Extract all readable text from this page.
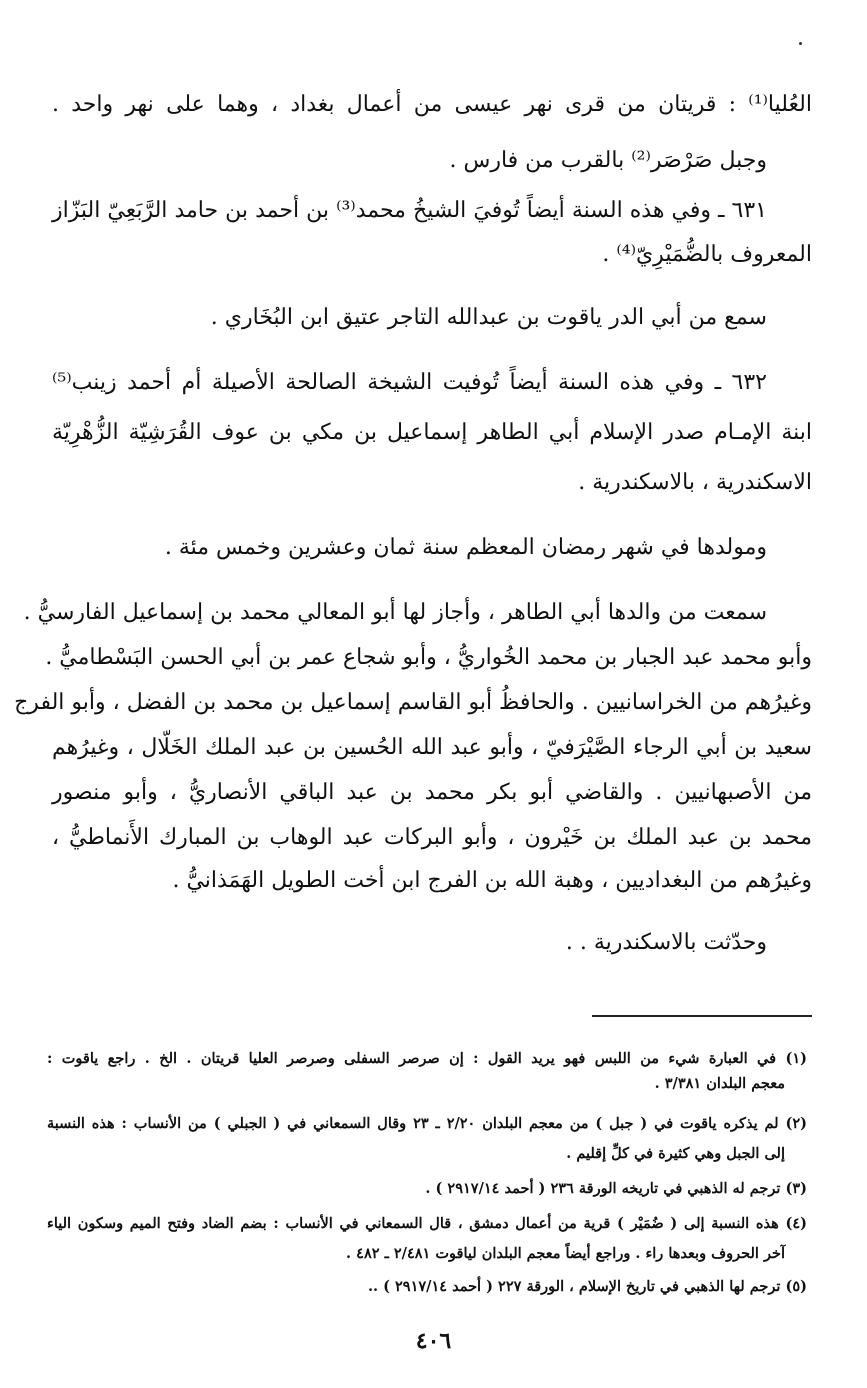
العُليا⁽¹⁾ : قريتان من قرى نهر عيسى من أعمال بغداد ، وهما على نهر واحد .
وجبل صَرْصَر⁽²⁾ بالقرب من فارس .
٦٣١ ـ وفي هذه السنة أيضاً تُوفيَ الشيخُ محمد⁽³⁾ بن أحمد بن حامد الرَّبَعِيّ البَزّاز
المعروف بالضُّمَيْرِيّ⁽⁴⁾ .
سمع من أبي الدر ياقوت بن عبدالله التاجر عتيق ابن البُخَاري .
٦٣٢ ـ وفي هذه السنة أيضاً تُوفيت الشيخة الصالحة الأصيلة أم أحمد زينب⁽⁵⁾
ابنة الإمـام صدر الإسلام أبي الطاهر إسماعيل بن مكي بن عوف القُرَشِيّة الزُّهْرِيّة
الاسكندرية ، بالاسكندرية .
ومولدها في شهر رمضان المعظم سنة ثمان وعشرين وخمس مئة .
سمعت من والدها أبي الطاهر ، وأجاز لها أبو المعالي محمد بن إسماعيل الفارسيُّ .
وأبو محمد عبد الجبار بن محمد الخُواريُّ ، وأبو شجاع عمر بن أبي الحسن البَسْطاميُّ .
وغيرُهم من الخراسانيين . والحافظُ أبو القاسم إسماعيل بن محمد بن الفضل ، وأبو الفرج
سعيد بن أبي الرجاء الصَّيْرَفيّ ، وأبو عبد الله الحُسين بن عبد الملك الخَلّال ، وغيرُهم
من الأصبهانيين . والقاضي أبو بكر محمد بن عبد الباقي الأنصاريُّ ، وأبو منصور
محمد بن عبد الملك بن خَيْرون ، وأبو البركات عبد الوهاب بن المبارك الأَنماطيُّ ،
وغيرُهم من البغداديين ، وهبة الله بن الفرج ابن أخت الطويل الهَمَذانيُّ .
وحدّثت بالاسكندرية . .
(١) في العبارة شيء من اللبس فهو يريد القول : إن صرصر السفلى وصرصر العليا قريتان . الخ . راجع ياقوت :
معجم البلدان ٣/٣٨١ .
(٢) لم يذكره ياقوت في ( جبل ) من معجم البلدان ٢/٢٠ ـ ٢٣ وقال السمعاني في ( الجبلي ) من الأنساب : هذه النسبة
إلى الجبل وهي كثيرة في كلِّ إقليم .
(٣) ترجم له الذهبي في تاريخه الورقة ٢٣٦ ( أحمد ٢٩١٧/١٤ ) .
(٤) هذه النسبة إلى ( ضُمَيْر ) قرية من أعمال دمشق ، قال السمعاني في الأنساب : بضم الضاد وفتح الميم وسكون الياء
آخر الحروف وبعدها راء . وراجع أيضاً معجم البلدان لياقوت ٢/٤٨١ ـ ٤٨٢ .
(٥) ترجم لها الذهبي في تاريخ الإسلام ، الورقة ٢٢٧ ( أحمد ٢٩١٧/١٤ ) ..
٤٠٦
